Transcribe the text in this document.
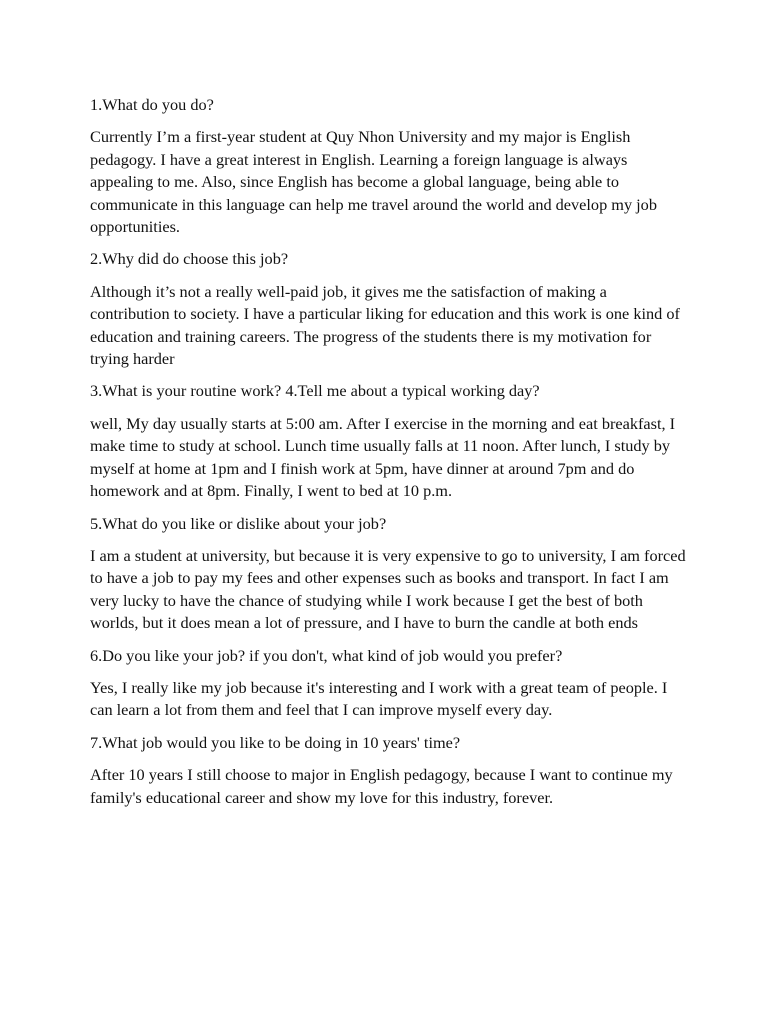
1.What do you do?

Currently I’m a first-year student at Quy Nhon University and my major is English pedagogy. I have a great interest in English. Learning a foreign language is always appealing to me. Also, since English has become a global language, being able to communicate in this language can help me travel around the world and develop my job opportunities.

2.Why did do choose this job?

Although it’s not a really well-paid job, it gives me the satisfaction of making a contribution to society. I have a particular liking for education and this work is one kind of education and training careers. The progress of the students there is my motivation for trying harder

3.What is your routine work? 4.Tell me about a typical working day?

well, My day usually starts at 5:00 am. After I exercise in the morning and eat breakfast, I make time to study at school. Lunch time usually falls at 11 noon. After lunch, I study by myself at home at 1pm and I finish work at 5pm, have dinner at around 7pm and do homework and at 8pm. Finally, I went to bed at 10 p.m.

5.What do you like or dislike about your job?

I am a student at university, but because it is very expensive to go to university, I am forced to have a job to pay my fees and other expenses such as books and transport. In fact I am very lucky to have the chance of studying while I work because I get the best of both worlds, but it does mean a lot of pressure, and I have to burn the candle at both ends

6.Do you like your job? if you don't, what kind of job would you prefer?

Yes, I really like my job because it's interesting and I work with a great team of people. I can learn a lot from them and feel that I can improve myself every day.

7.What job would you like to be doing in 10 years' time?

After 10 years I still choose to major in English pedagogy, because I want to continue my family's educational career and show my love for this industry, forever.
